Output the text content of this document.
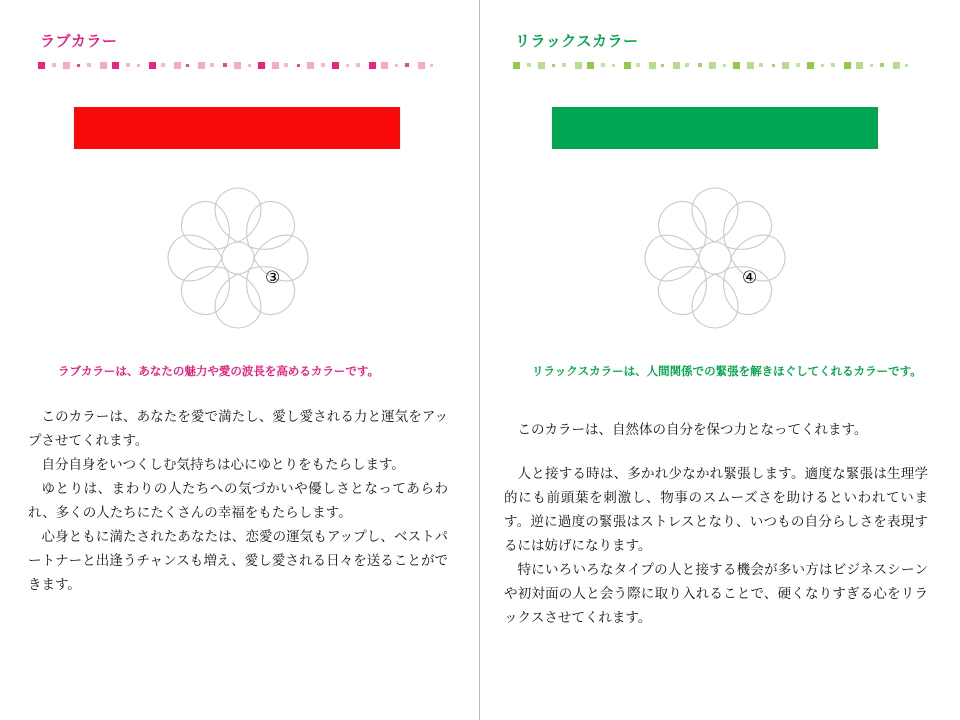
ラブカラー
③
ラブカラーは、あなたの魅力や愛の波長を高めるカラーです。

このカラーは、あなたを愛で満たし、愛し愛される力と運気をアップさせてくれます。

自分自身をいつくしむ気持ちは心にゆとりをもたらします。

ゆとりは、まわりの人たちへの気づかいや優しさとなってあらわれ、多くの人たちにたくさんの幸福をもたらします。

心身ともに満たされたあなたは、恋愛の運気もアップし、ベストパートナーと出逢うチャンスも増え、愛し愛される日々を送ることができます。

リラックスカラー
④
リラックスカラーは、人間関係での緊張を解きほぐしてくれるカラーです。

このカラーは、自然体の自分を保つ力となってくれます。

人と接する時は、多かれ少なかれ緊張します。適度な緊張は生理学的にも前頭葉を刺激し、物事のスムーズさを助けるといわれています。逆に過度の緊張はストレスとなり、いつもの自分らしさを表現するには妨げになります。

特にいろいろなタイプの人と接する機会が多い方はビジネスシーンや初対面の人と会う際に取り入れることで、硬くなりすぎる心をリラックスさせてくれます。
